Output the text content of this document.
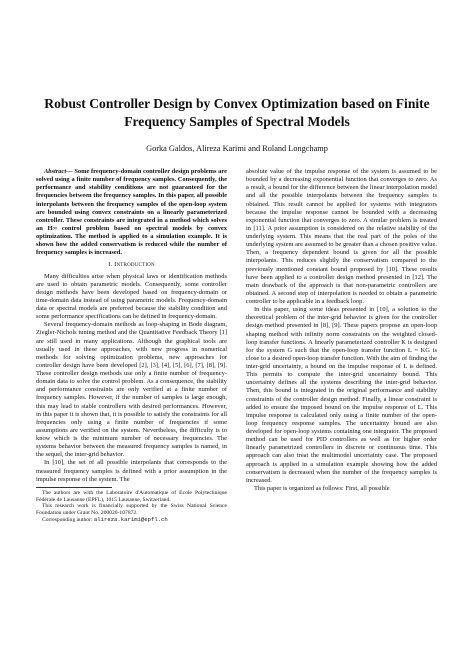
Robust Controller Design by Convex Optimization based on Finite
Frequency Samples of Spectral Models
Gorka Galdos, Alireza Karimi and Roland Longchamp

Abstract— Some frequency-domain controller design problems are solved using a finite number of frequency samples. Consequently, the performance and stability conditions are not guaranteed for the frequencies between the frequency samples. In this paper, all possible interpolants between the frequency samples of the open-loop system are bounded using convex constraints on a linearly parameterized controller. These constraints are integrated in a method which solves an H∞ control problem based on spectral models by convex optimization. The method is applied to a simulation example. It is shown how the added conservatism is reduced while the number of frequency samples is increased.

I. Introduction

Many difficulties arise when physical laws or identification methods are used to obtain parametric models. Consequently, some controller design methods have been developed based on frequency-domain or time-domain data instead of using parametric models. Frequency-domain data or spectral models are preferred because the stability condition and some performance specifications can be defined in frequency-domain.

Several frequency-domain methods as loop-shaping in Bode diagram, Ziegler-Nichols tuning method and the Quantitative Feedback Theory [1] are still used in many applications. Although the graphical tools are usually used in these approaches, with new progress in numerical methods for solving optimization problems, new approaches for controller design have been developed [2], [3], [4], [5], [6], [7], [8], [9]. These controller design methods use only a finite number of frequency-domain data to solve the control problem. As a consequence, the stability and performance constraints are only verified at a finite number of frequency samples. However, if the number of samples is large enough, this may lead to stable controllers with desired performances. However, in this paper it is shown that, it is possible to satisfy the constraints for all frequencies only using a finite number of frequencies if some assumptions are verified on the system. Nevertheless, the difficulty is to know which is the minimum number of necessary frequencies. The systems behavior between the measured frequency samples is named, in the sequel, the inter-grid behavior.

In [10], the set of all possible interpolants that corresponds to the measured frequency samples is defined with a prior assumption in the impulse response of the system. The

The authors are with the Laboratoire d'Automatique of Ecole Polytechnique Fédérale de Lausanne (EPFL), 1015 Lausanne, Switzerland.

This research work is financially supported by the Swiss National Science Foundation under Grant No. 200020-107872.

Corresponding author: alireza.karimi@epfl.ch

absolute value of the impulse response of the system is assumed to be bounded by a decreasing exponential function that converges to zero. As a result, a bound for the difference between the linear interpolation model and all the possible interpolants between the frequency samples is obtained. This result cannot be applied for systems with integrators because the impulse response cannot be bounded with a decreasing exponential function that converges to zero. A similar problem is treated in [11]. A prior assumption is considered on the relative stability of the underlying system. This means that the real part of the poles of the underlying system are assumed to be greater than a chosen positive value. Then, a frequency dependent bound is given for all the possible interpolants. This reduces slightly the conservatism compared to the previously mentioned constant bound proposed by [10]. These results have been applied to a controller design method presented in [12]. The main drawback of the approach is that non-parametric controllers are obtained. A second step of interpolation is needed to obtain a parametric controller to be applicable in a feedback loop.

In this paper, using some ideas presented in [10], a solution to the theoretical problem of the inter-grid behavior is given for the controller design method presented in [8], [9]. These papers propose an open-loop shaping method with infinity norm constraints on the weighted closed-loop transfer functions. A linearly parameterized controller K is designed for the system G such that the open-loop transfer function L = KG is close to a desired open-loop transfer function. With the aim of finding the inter-grid uncertainty, a bound on the impulse response of L is defined. This permits to compute the inter-grid uncertainty bound. This uncertainty defines all the systems describing the inter-grid behavior. Then, this bound is integrated in the original performance and stability constraints of the controller design method. Finally, a linear constraint is added to ensure the imposed bound on the impulse response of L. This impulse response is calculated only using a finite number of the open-loop frequency response samples. The uncertainty bound are also developed for open-loop systems containing one integrator. The proposed method can be used for PID controllers as well as for higher order linearly parametrized controllers in discrete or continuous time. This approach can also treat the multimodel uncertainty case. The proposed approach is applied in a simulation example showing how the added conservatism is decreased when the number of the frequency samples is increased.

This paper is organized as follows: First, all possible
